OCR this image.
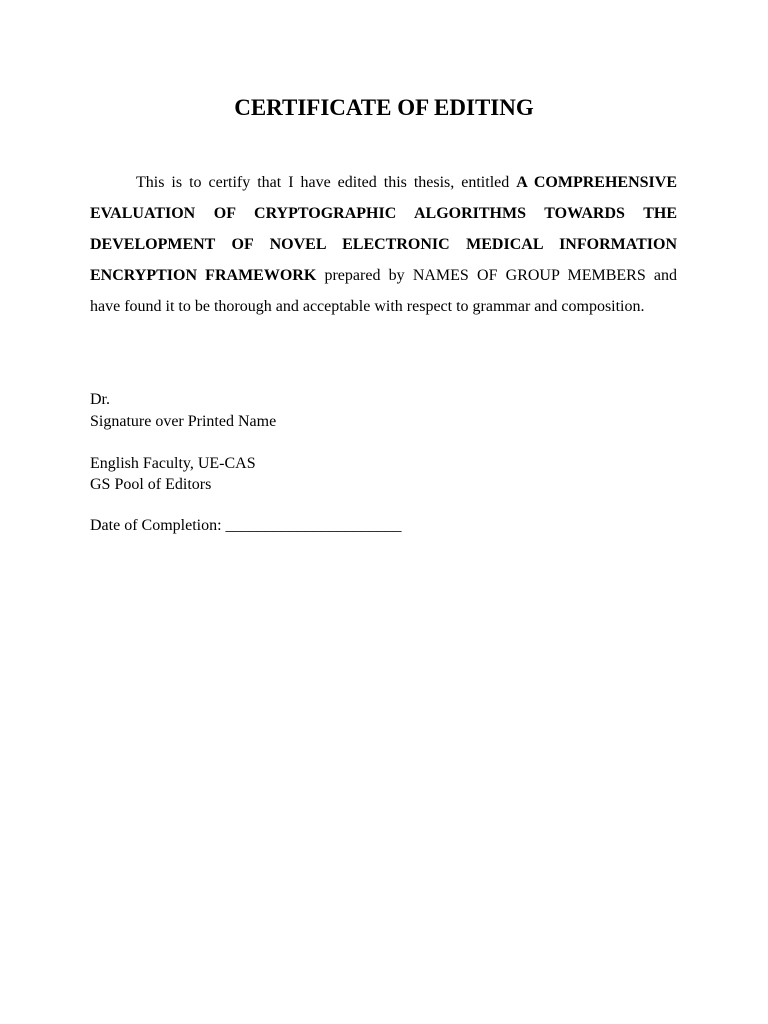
CERTIFICATE OF EDITING

This is to certify that I have edited this thesis, entitled A COMPREHENSIVE EVALUATION OF CRYPTOGRAPHIC ALGORITHMS TOWARDS THE DEVELOPMENT OF NOVEL ELECTRONIC MEDICAL INFORMATION ENCRYPTION FRAMEWORK prepared by NAMES OF GROUP MEMBERS and have found it to be thorough and acceptable with respect to grammar and composition.

Dr.

Signature over Printed Name

English Faculty, UE-CAS

GS Pool of Editors

Date of Completion: ______________________
